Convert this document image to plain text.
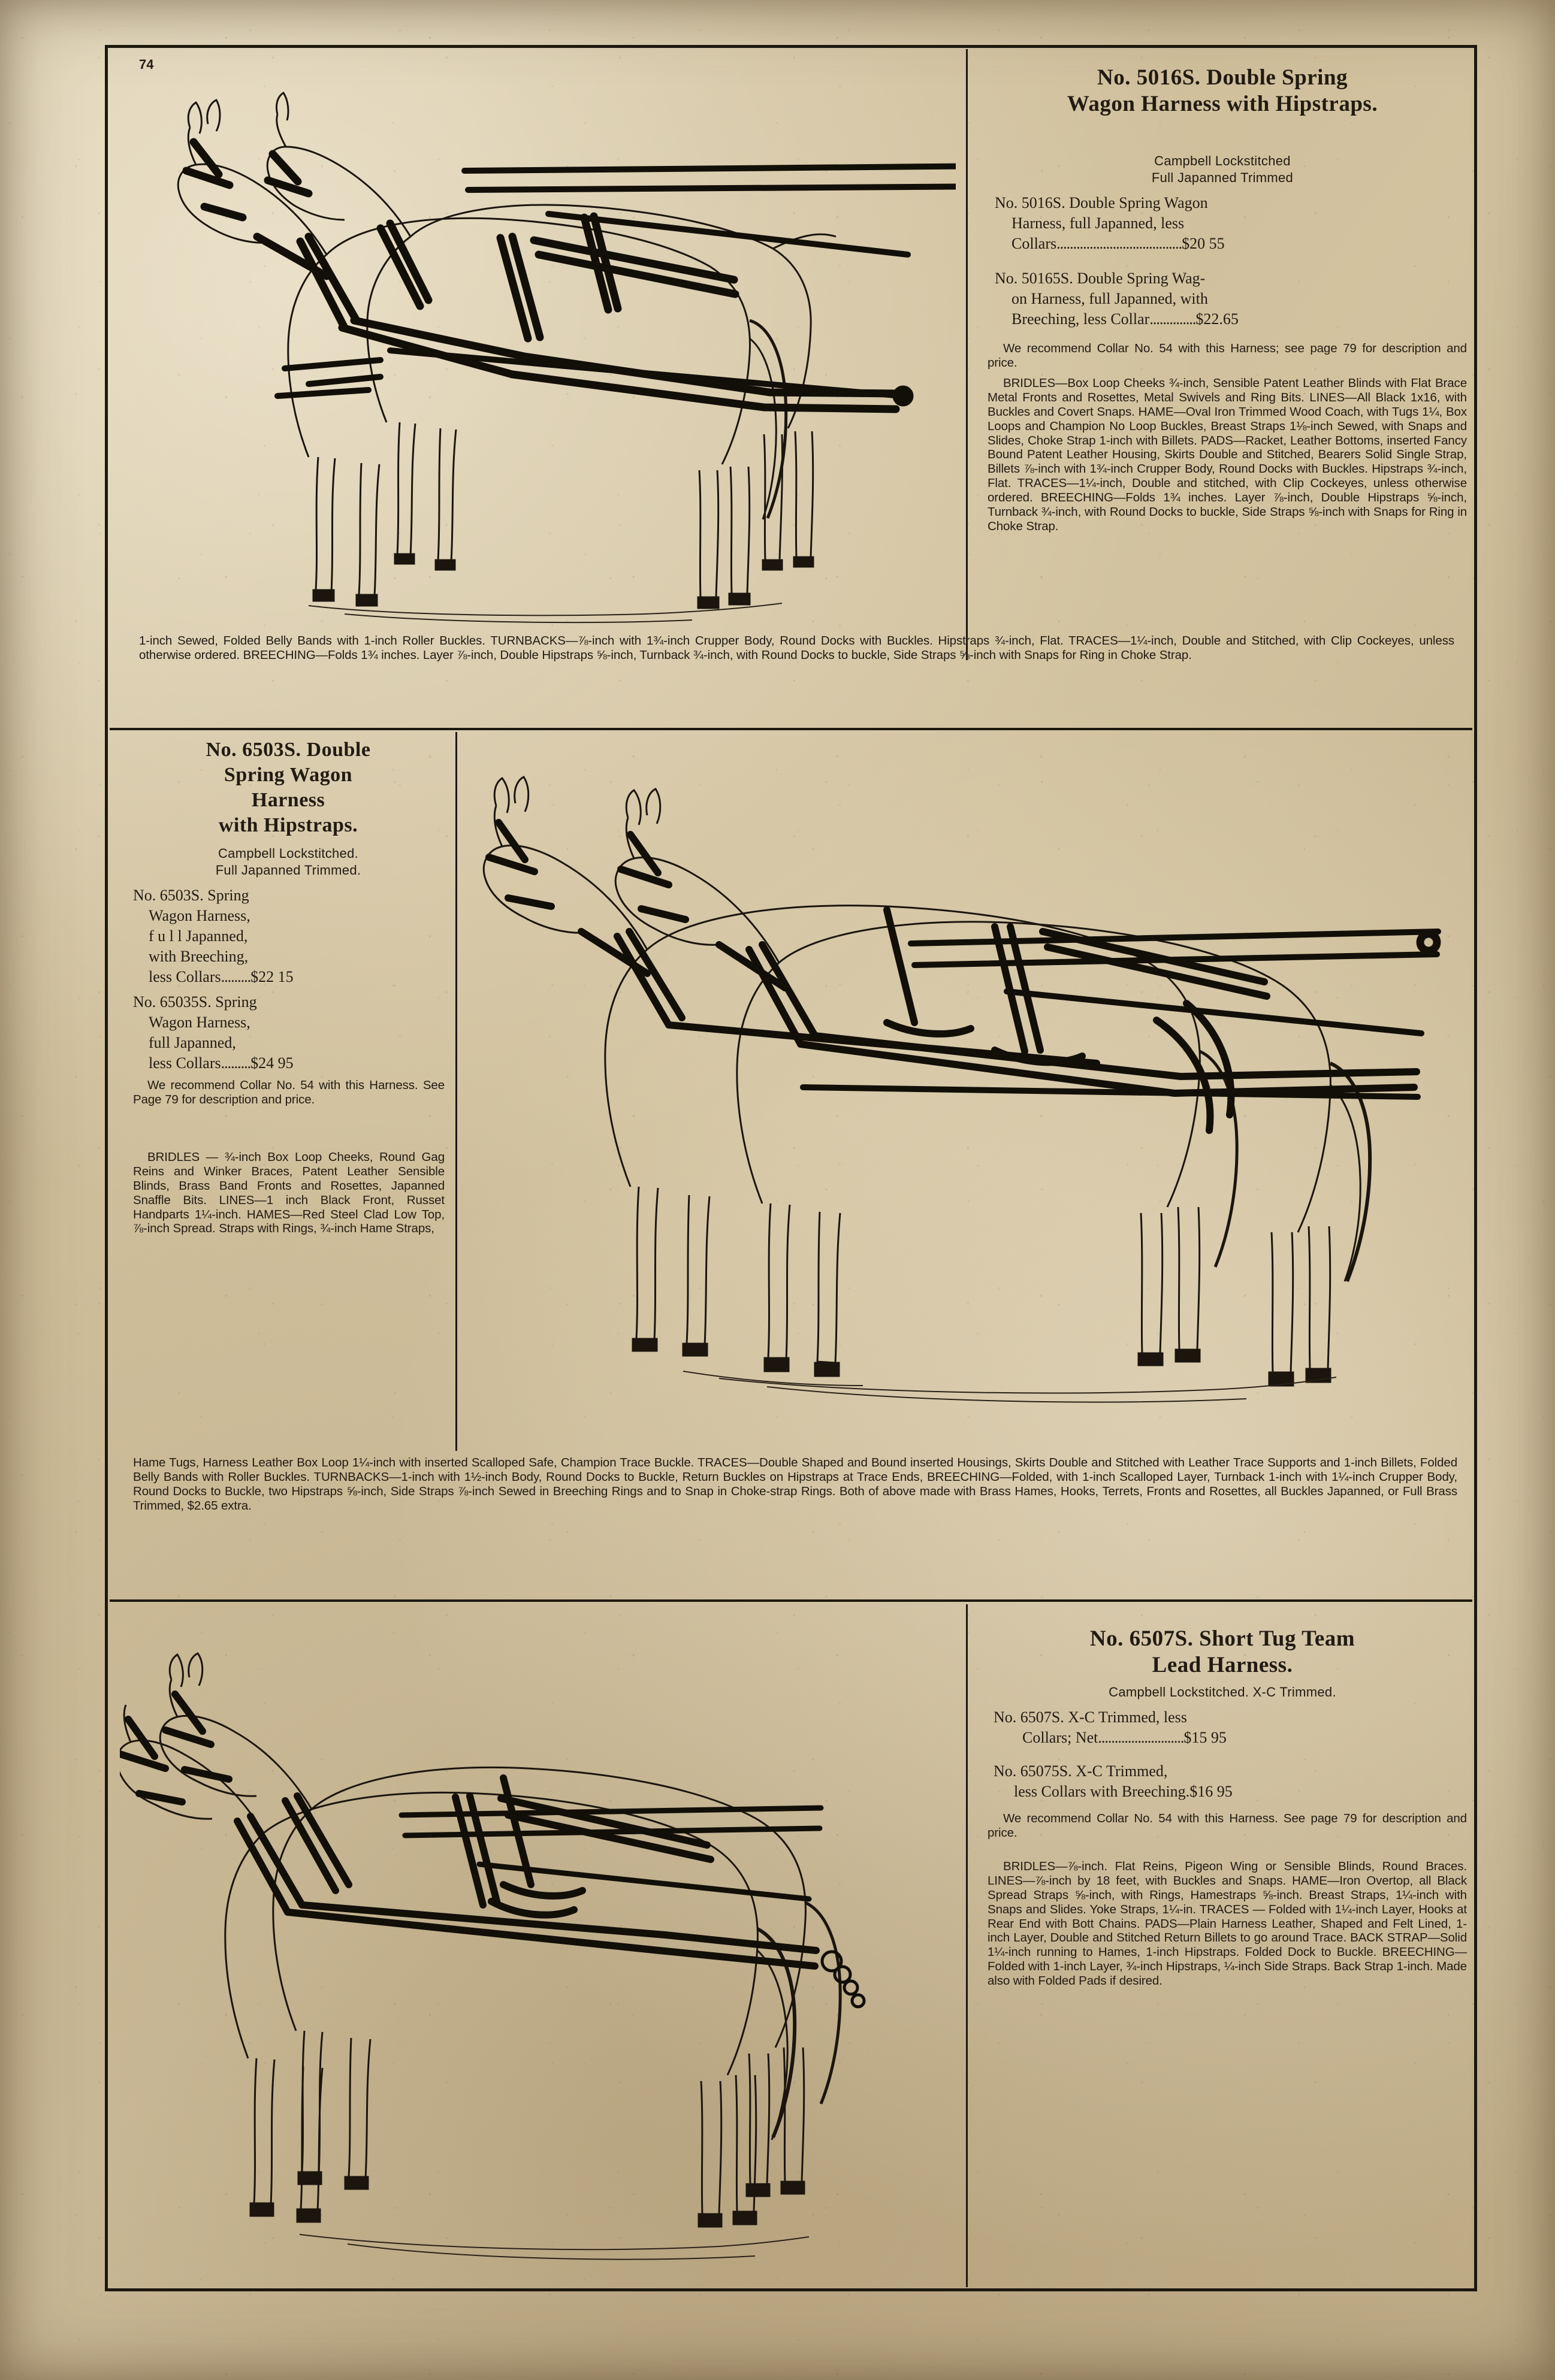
74
No. 5016S. Double Spring
Wagon Harness with Hipstraps.
Campbell Lockstitched
Full Japanned Trimmed
No. 5016S. Double Spring Wagon
Harness, full Japanned, less
Collars......................................$20 55
No. 50165S. Double Spring Wag-
on Harness, full Japanned, with
Breeching, less Collar..............$22.65
We recommend Collar No. 54 with this Harness; see page 79 for description and price.
BRIDLES—Box Loop Cheeks ¾-inch, Sensible Patent Leather Blinds with Flat Brace Metal Fronts and Rosettes, Metal Swivels and Ring Bits. LINES—All Black 1x16, with Buckles and Covert Snaps. HAME—Oval Iron Trimmed Wood Coach, with Tugs 1¼, Box Loops and Champion No Loop Buckles, Breast Straps 1⅛-inch Sewed, with Snaps and Slides, Choke Strap 1-inch with Billets. PADS—Racket, Leather Bottoms, inserted Fancy Bound Patent Leather Housing, Skirts Double and Stitched, Bearers Solid Single Strap, Billets ⅞-inch with 1¾-inch Crupper Body, Round Docks with Buckles. Hipstraps ¾-inch, Flat. TRACES—1¼-inch, Double and stitched, with Clip Cockeyes, unless otherwise ordered. BREECHING—Folds 1¾ inches. Layer ⅞-inch, Double Hipstraps ⅝-inch, Turnback ¾-inch, with Round Docks to buckle, Side Straps ⅝-inch with Snaps for Ring in Choke Strap.
1-inch Sewed, Folded Belly Bands with 1-inch Roller Buckles. TURNBACKS—⅞-inch with 1¾-inch Crupper Body, Round Docks with Buckles. Hipstraps ¾-inch, Flat. TRACES—1¼-inch, Double and Stitched, with Clip Cockeyes, unless otherwise ordered. BREECHING—Folds 1¾ inches. Layer ⅞-inch, Double Hipstraps ⅝-inch, Turnback ¾-inch, with Round Docks to buckle, Side Straps ⅝-inch with Snaps for Ring in Choke Strap.
No. 6503S. Double
Spring Wagon
Harness
with Hipstraps.
Campbell Lockstitched.
Full Japanned Trimmed.
No. 6503S. Spring
Wagon Harness,
f u l l Japanned,
with Breeching,
less Collars.........$22 15
No. 65035S. Spring
Wagon Harness,
full Japanned,
less Collars.........$24 95
We recommend Collar No. 54 with this Harness. See Page 79 for description and price.
BRIDLES — ¾-inch Box Loop Cheeks, Round Gag Reins and Winker Braces, Patent Leather Sensible Blinds, Brass Band Fronts and Rosettes, Japanned Snaffle Bits. LINES—1 inch Black Front, Russet Handparts 1¼-inch. HAMES—Red Steel Clad Low Top, ⅞-inch Spread. Straps with Rings, ¾-inch Hame Straps,
Hame Tugs, Harness Leather Box Loop 1¼-inch with inserted Scalloped Safe, Champion Trace Buckle. TRACES—Double Shaped and Bound inserted Housings, Skirts Double and Stitched with Leather Trace Supports and 1-inch Billets, Folded Belly Bands with Roller Buckles. TURNBACKS—1-inch with 1½-inch Body, Round Docks to Buckle, Return Buckles on Hipstraps at Trace Ends, BREECHING—Folded, with 1-inch Scalloped Layer, Turnback 1-inch with 1¼-inch Crupper Body, Round Docks to Buckle, two Hipstraps ⅝-inch, Side Straps ⅞-inch Sewed in Breeching Rings and to Snap in Choke-strap Rings. Both of above made with Brass Hames, Hooks, Terrets, Fronts and Rosettes, all Buckles Japanned, or Full Brass Trimmed, $2.65 extra.
No. 6507S. Short Tug Team
Lead Harness.
Campbell Lockstitched. X-C Trimmed.
No. 6507S. X-C Trimmed, less
Collars; Net..........................$15 95
No. 65075S. X-C Trimmed,
less Collars with Breeching.$16 95
We recommend Collar No. 54 with this Harness. See page 79 for description and price.
BRIDLES—⅞-inch. Flat Reins, Pigeon Wing or Sensible Blinds, Round Braces. LINES—⅞-inch by 18 feet, with Buckles and Snaps. HAME—Iron Overtop, all Black Spread Straps ⅝-inch, with Rings, Hamestraps ⅝-inch. Breast Straps, 1¼-inch with Snaps and Slides. Yoke Straps, 1¼-in. TRACES — Folded with 1¼-inch Layer, Hooks at Rear End with Bott Chains. PADS—Plain Harness Leather, Shaped and Felt Lined, 1-inch Layer, Double and Stitched Return Billets to go around Trace. BACK STRAP—Solid 1¼-inch running to Hames, 1-inch Hipstraps. Folded Dock to Buckle. BREECHING—Folded with 1-inch Layer, ¾-inch Hipstraps, ¼-inch Side Straps. Back Strap 1-inch. Made also with Folded Pads if desired.
